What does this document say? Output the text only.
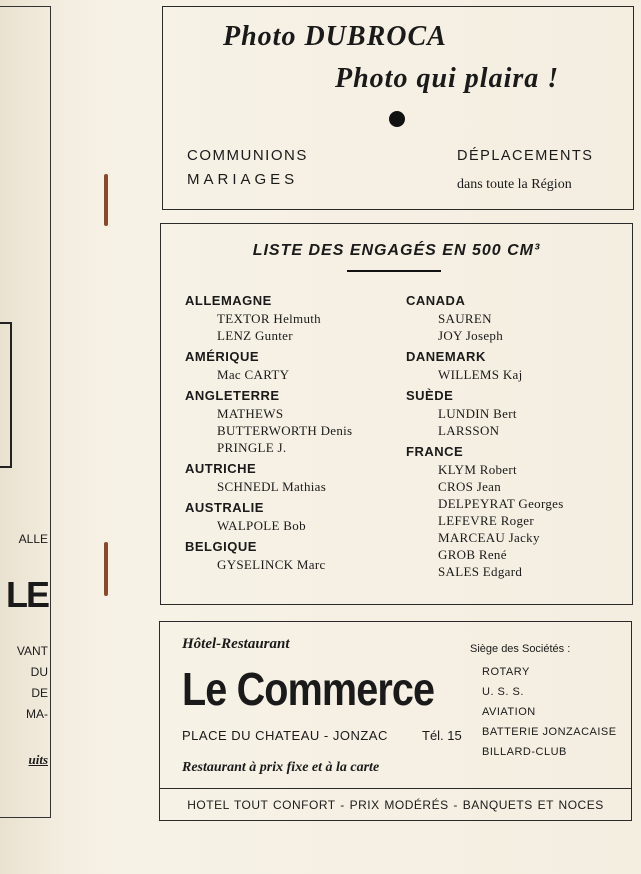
ALLE
LE
VANT
DU
DE
MA-
uits
Photo DUBROCA
Photo qui plaira !
COMMUNIONS
MARIAGES
DÉPLACEMENTS
dans toute la Région
LISTE DES ENGAGÉS EN 500 CM³
ALLEMAGNE
TEXTOR Helmuth
LENZ Gunter
AMÉRIQUE
Mac CARTY
ANGLETERRE
MATHEWS
BUTTERWORTH Denis
PRINGLE J.
AUTRICHE
SCHNEDL Mathias
AUSTRALIE
WALPOLE Bob
BELGIQUE
GYSELINCK Marc
CANADA
SAUREN
JOY Joseph
DANEMARK
WILLEMS Kaj
SUÈDE
LUNDIN Bert
LARSSON
FRANCE
KLYM Robert
CROS Jean
DELPEYRAT Georges
LEFEVRE Roger
MARCEAU Jacky
GROB René
SALES Edgard
Hôtel-Restaurant
Le Commerce
PLACE DU CHATEAU - JONZAC	Tél. 15
Restaurant à prix fixe et à la carte
Siège des Sociétés :
ROTARY
U. S. S.
AVIATION
BATTERIE JONZACAISE
BILLARD-CLUB
HOTEL TOUT CONFORT - PRIX MODÉRÉS - BANQUETS ET NOCES
